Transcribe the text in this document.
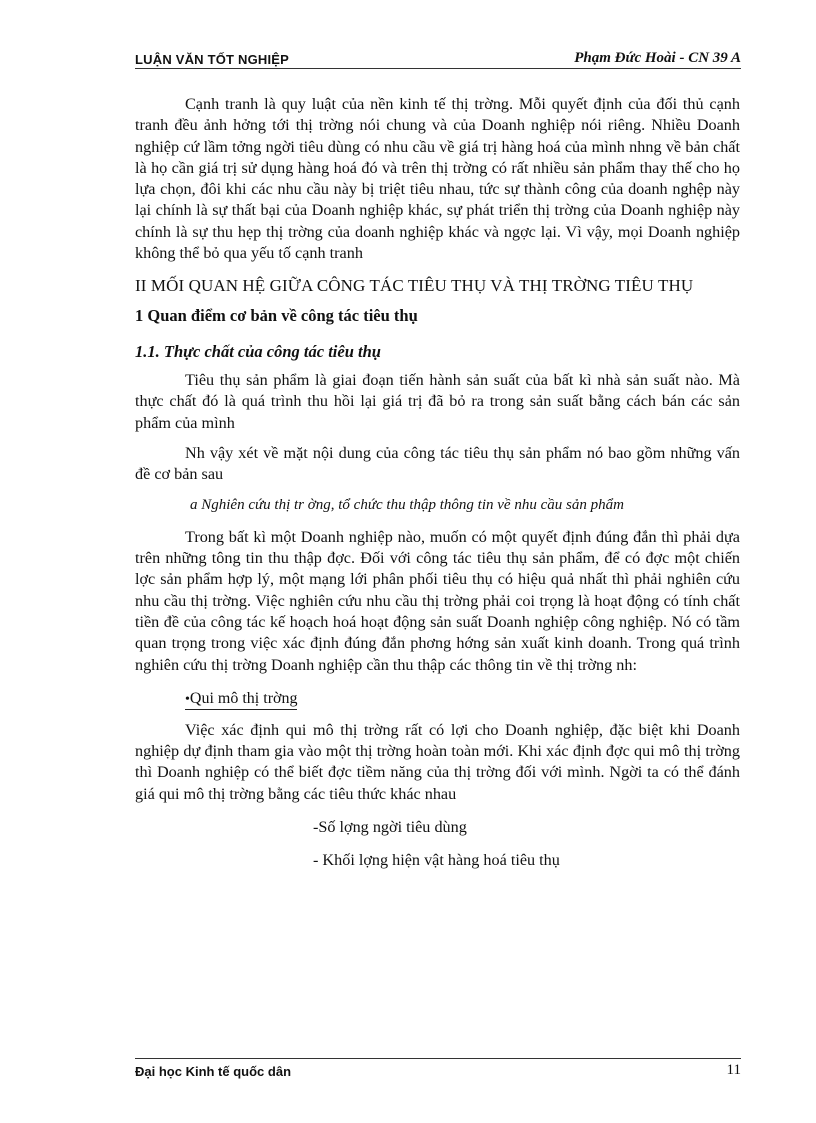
LUẬN VĂN TỐT NGHIỆP	Phạm Đức Hoài - CN 39 A

Cạnh tranh là quy luật của nền kinh tế thị trờng. Mỗi quyết định của đối thủ cạnh tranh đều ảnh hởng tới thị trờng nói chung và của Doanh nghiệp nói riêng. Nhiều Doanh nghiệp cứ lầm tởng ngời tiêu dùng có nhu cầu về giá trị hàng hoá của mình nhng về bản chất là họ cần giá trị sử dụng hàng hoá đó và trên thị trờng có rất nhiều sản phẩm thay thế cho họ lựa chọn, đôi khi các nhu cầu này bị triệt tiêu nhau, tức sự thành công của doanh nghệp này lại chính là sự thất bại của Doanh nghiệp khác, sự phát triển thị trờng của Doanh nghiệp này chính là sự thu hẹp thị trờng của doanh nghiệp khác và ngợc lại. Vì vậy, mọi Doanh nghiệp không thể bỏ qua yếu tố cạnh tranh

II MỐI QUAN HỆ GIỮA CÔNG TÁC TIÊU THỤ VÀ THỊ TRỜNG TIÊU THỤ

1 Quan điểm cơ bản về công tác tiêu thụ

1.1. Thực chất của công tác tiêu thụ

Tiêu thụ sản phẩm là giai đoạn tiến hành sản suất của bất kì nhà sản suất nào. Mà thực chất đó là quá trình thu hồi lại giá trị đã bỏ ra trong sản suất bằng cách bán các sản phẩm của mình

Nh vậy xét về mặt nội dung của công tác tiêu thụ sản phẩm nó bao gồm những vấn đề cơ bản sau

a Nghiên cứu thị tr ờng, tổ chức thu thập thông tin về nhu cầu sản phẩm

Trong bất kì một Doanh nghiệp nào, muốn có một quyết định đúng đắn thì phải dựa trên những tông tin thu thập đợc. Đối với công tác tiêu thụ sản phẩm, để có đợc một chiến lợc sản phẩm hợp lý, một mạng lới phân phối tiêu thụ có hiệu quả nhất thì phải nghiên cứu nhu cầu thị trờng. Việc nghiên cứu nhu cầu thị trờng phải coi trọng là hoạt động có tính chất tiền đề của công tác kế hoạch hoá hoạt động sản suất Doanh nghiệp công nghiệp. Nó có tầm quan trọng trong việc xác định đúng đắn phơng hớng sản xuất kinh doanh. Trong quá trình nghiên cứu thị trờng Doanh nghiệp cần thu thập các thông tin về thị trờng nh:

•Qui mô thị trờng

Việc xác định qui mô thị trờng rất có lợi cho Doanh nghiệp, đặc biệt khi Doanh nghiệp dự định tham gia vào một thị trờng hoàn toàn mới. Khi xác định đợc qui mô thị trờng thì Doanh nghiệp có thể biết đợc tiềm năng của thị trờng đối với mình. Ngời ta có thể đánh giá qui mô thị trờng bằng các tiêu thức khác nhau

-Số lợng ngời tiêu dùng

- Khối lợng hiện vật hàng hoá tiêu thụ

Đại học Kinh tế quốc dân	11
